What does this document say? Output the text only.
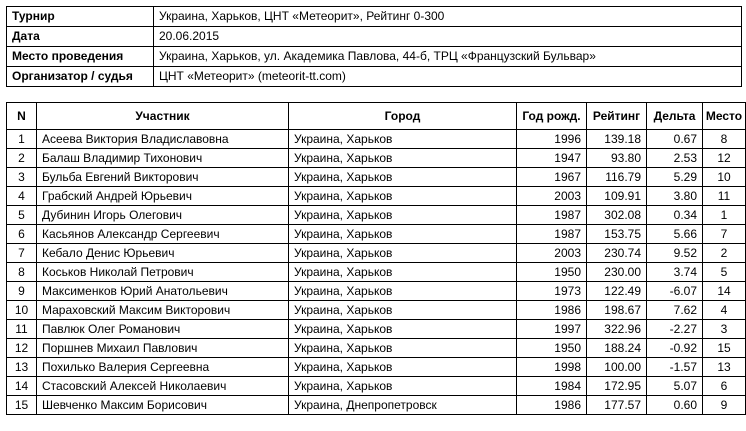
Турнир	Украина, Харьков, ЦНТ «Метеорит», Рейтинг 0-300
Дата	20.06.2015
Место проведения	Украина, Харьков, ул. Академика Павлова, 44-б, ТРЦ «Французский Бульвар»
Организатор / судья	ЦНТ «Метеорит» (meteorit-tt.com)
N	Участник	Город	Год рожд.	Рейтинг	Дельта	Место
1	Асеева Виктория Владиславовна	Украина, Харьков	1996	139.18	0.67	8
2	Балаш Владимир Тихонович	Украина, Харьков	1947	93.80	2.53	12
3	Бульба Евгений Викторович	Украина, Харьков	1967	116.79	5.29	10
4	Грабский Андрей Юрьевич	Украина, Харьков	2003	109.91	3.80	11
5	Дубинин Игорь Олегович	Украина, Харьков	1987	302.08	0.34	1
6	Касьянов Александр Сергеевич	Украина, Харьков	1987	153.75	5.66	7
7	Кебало Денис Юрьевич	Украина, Харьков	2003	230.74	9.52	2
8	Коськов Николай Петрович	Украина, Харьков	1950	230.00	3.74	5
9	Максименков Юрий Анатольевич	Украина, Харьков	1973	122.49	-6.07	14
10	Мараховский Максим Викторович	Украина, Харьков	1986	198.67	7.62	4
11	Павлюк Олег Романович	Украина, Харьков	1997	322.96	-2.27	3
12	Поршнев Михаил Павлович	Украина, Харьков	1950	188.24	-0.92	15
13	Похилько Валерия Сергеевна	Украина, Харьков	1998	100.00	-1.57	13
14	Стасовский Алексей Николаевич	Украина, Харьков	1984	172.95	5.07	6
15	Шевченко Максим Борисович	Украина, Днепропетровск	1986	177.57	0.60	9
